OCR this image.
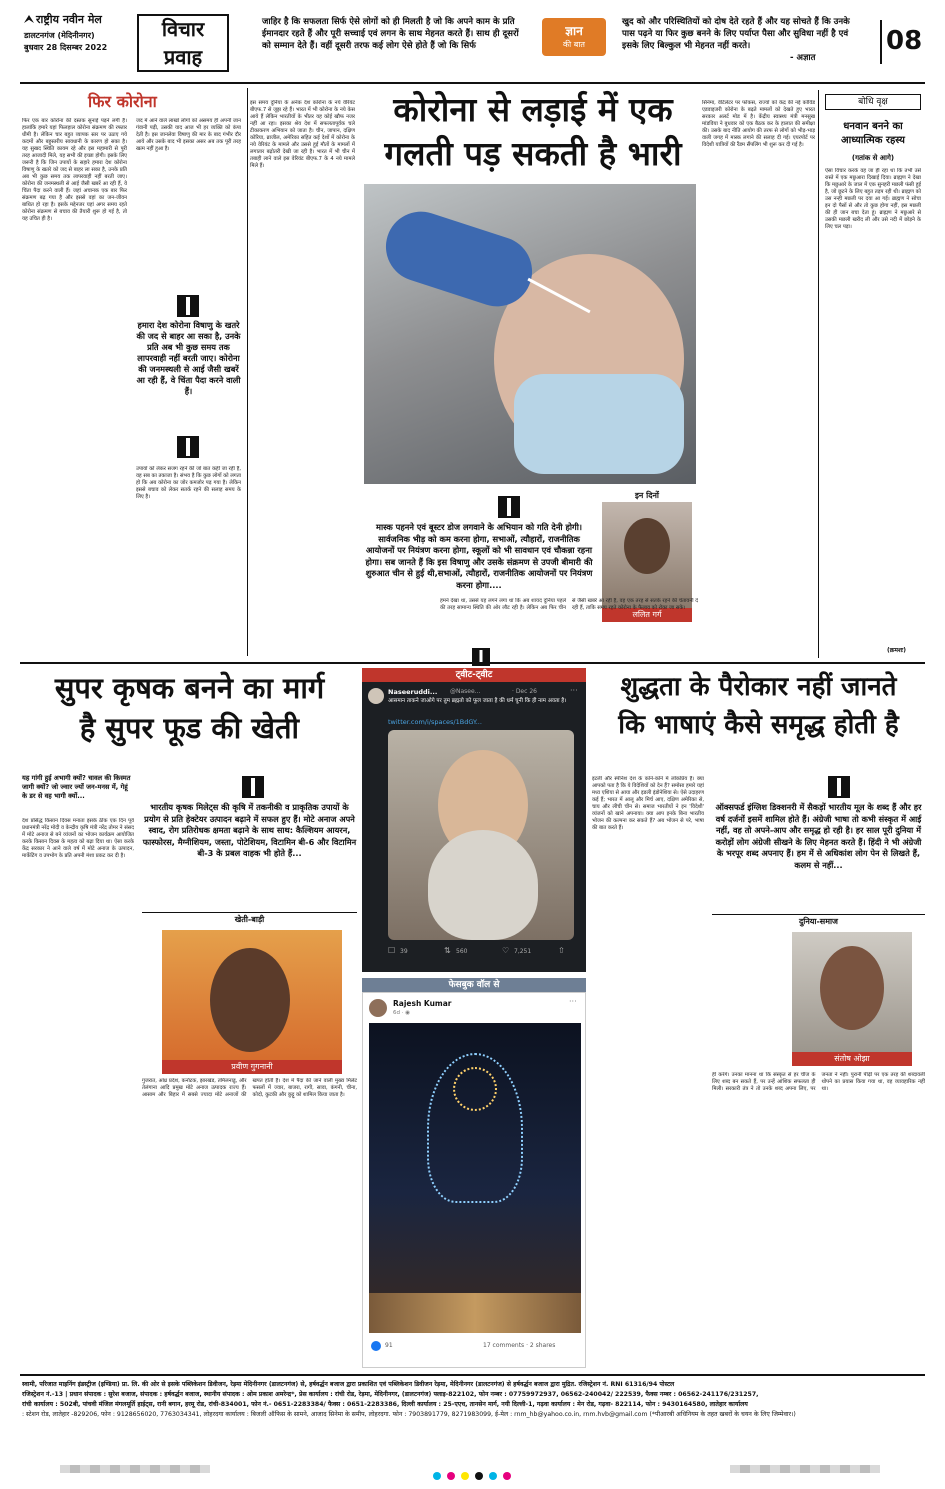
राष्ट्रीय नवीन मेल
डालटनगंज (मेदिनीनगर)
बुधवार 28 दिसम्बर 2022
विचार
प्रवाह
जाहिर है कि सफलता सिर्फ ऐसे लोगों को ही मिलती है जो कि अपने काम के प्रति ईमानदार रहते हैं और पूरी सच्चाई एवं लगन के साथ मेहनत करते हैं। साथ ही दूसरों को सम्मान देते हैं। वहीं दूसरी तरफ कई लोग ऐसे होते हैं जो कि सिर्फ
ज्ञान
की बात
खुद को और परिस्थितियों को दोष देते रहते हैं और यह सोचते हैं कि उनके पास पढ़ने या फिर कुछ बनने के लिए पर्याप्त पैसा और सुविधा नहीं है एवं इसके लिए बिल्कुल भी मेहनत नहीं करते।
- अज्ञात
08
फिर कोरोना
फिर एक बार कोरोना की दस्तक सुनाई पड़ने लगी है। हालांकि हमारे यहां फिलहाल कोरोना संक्रमण की रफ्तार धीमी है। लेकिन चार बहुत व्यापक स्तर पर उठाए गये कदमों और बहुस्तरीय सावधानी के कारण हो सका है। यह सुखद स्थिति कायम रहे और इस महामारी से पूरी तरह आजादी मिले, यह सभी की इच्छा होगी। इसके लिए जरूरी है कि जिन उपायों के सहारे हमारा देश कोरोना विषाणु के खतरे को जद से बाहर ला सका है, उनके प्रति अब भी कुछ समय तक लापरवाही नहीं बरती जाए। कोरोना की जनमस्थली से आई जैसी खबरें आ रही हैं, वे चिंता पैदा करने वाली हैं। जहां अचानक एक बार फिर संक्रमण बढ़ गया है और इससे वहां का जन-जीवन बाधित हो रहा है। इसके मद्देनजर यहां अगर समय रहते कोरोना संक्रमण से बचाव की तैयारी शुरू हो गई है, तो यह उचित ही है।
जद में आने वाले लाखों लोगों को असमय ही अपनी जान गंवानी पड़ी, उसकी याद आज भी हर व्यक्ति को कंपा देती है। इस जानलेवा विषाणु की मार के बाद गंभीर दौर आये और उसके बाद भी इसका असर अब तक पूरी तरह खत्म नहीं हुआ है।
हमारा देश कोरोना विषाणु के खतरे की जद से बाहर आ सका है, उनके प्रति अब भी कुछ समय तक लापरवाही नहीं बरती जाए। कोरोना की जनमस्थली से आई जैसी खबरें आ रही हैं, वे चिंता पैदा करने वाली हैं।
उपायों को लेकर सजग रहने की जो बात कही जा रही है, वह सब का तकाजा है। संभव है कि कुछ लोगों को लगता हो कि अब कोरोना का जोर कमजोर पड़ गया है। लेकिन इससे बचाव को लेकर सतर्क रहने की सलाह समय के लिए है।
इस समय दुनिया के अनेक देश कोरोना के नये वेरियंट बीएफ.7 से जूझ रहे हैं। भारत में भी कोरोना के नये केस आये हैं लेकिन भारतीयों के भीतर यह कोई खौफ नजर नहीं आ रहा। इसका श्रेय देश में सफलतापूर्वक चले टीकाकरण अभियान को जाता है। चीन, जापान, दक्षिण कोरिया, ब्राजील, अमेरिका सहित कई देशों में कोरोना के नये वेरियंट के मामले और उससे हुई मौतों के मामलों में लगातार बढ़ोतरी देखी जा रही है। भारत में भी चीन में तबाही लाने वाले इस वेरियंट बीएफ.7 के 4 नये मामले मिले हैं।
कोरोना से लड़ाई में एक
गलती पड़ सकती है भारी
सिनेमा, वेंटिलेटर पर फोकस, राज्यों को केंद्र की नई कोविड एडवाइजरी कोरोना के बढ़ते मामलों को देखते हुए भारत सरकार अलर्ट मोड में है। केंद्रीय स्वास्थ्य मंत्री मनसुख मांडविया ने बुधवार को एक बैठक कर के हालात की समीक्षा की। उसके बाद नीति आयोग की तरफ से लोगों को भीड़-भाड़ वाली जगह में मास्क लगाने की सलाह दी गई। एयरपोर्ट पर विदेशी यात्रियों की रैंडम सैंपलिंग भी शुरू कर दी गई है।
मास्क पहनने एवं बूस्टर डोज लगवाने के अभियान को गति देनी होगी। सार्वजनिक भीड़ को कम करना होगा, सभाओं, त्यौहारों, राजनीतिक आयोजनों पर नियंत्रण करना होगा, स्कूलों को भी सावधान एवं चौकन्ना रहना होगा। सब जानते हैं कि इस विषाणु और उसके संक्रमण से उपजी बीमारी की शुरुआत चीन से हुई थी,सभाओं, त्यौहारों, राजनीतिक आयोजनों पर नियंत्रण करना होगा....
इन दिनों
ललित गर्ग
हमने देखा था, उससे यह लगने लगा था कि अब शायद दुनिया पहले की तरह सामान्य स्थिति की ओर लौट रही है। लेकिन अब फिर चीन से जैसी खबरें आ रही हैं, वह एक तरह से सतर्क रहने की चेतावनी दे रही हैं, ताकि समय रहते कोरोना के फैलाव को रोका जा सके।
बोधि वृक्ष
धनवान बनने का
आध्यात्मिक रहस्य
(गतांक से आगे)
ऐसा विचार करके वह जा ही रहा था कि तभी उसे रास्ते में एक मछुआरा दिखाई दिया। ब्राह्मण ने देखा कि मछुआरे के जाल में एक सुनहरी मछली फंसी हुई है, जो छूटने के लिए बहुत तड़प रही थी। ब्राह्मण को उस नन्ही मछली पर दया आ गई। ब्राह्मण ने सोचा इन दो पैसों से और तो कुछ होगा नहीं, इस मछली की ही जान बचा देता हूं। ब्राह्मण ने मछुआरे से उसकी मछली खरीद ली और उसे नदी में छोड़ने के लिए चल पड़ा।
(क्रमशः)
सुपर कृषक बनने का मार्ग
है सुपर फूड की खेती
यह गांगी हुई अभागी क्यों? चावल की किस्मत जागी क्यों? जो ज्वार ज्यों जन-मनस में, गेहूं के डर से वह भागी क्यों...
देश प्रसिद्ध किसान दिवस मनाता इसके ठीक एक दिन पूर्व प्रधानमंत्री नरेंद्र मोदी व केन्द्रीय कृषि मंत्री नरेंद्र तोमर ने संसद में मोटे अनाज से बने व्यंजनों का भोजन कार्यक्रम आयोजित करके किसान दिवस के महत्व को बढ़ा दिया था। ऐसा करके केंद्र सरकार ने आने वाले वर्ष में मोटे अनाज के उत्पादन, मार्केटिंग व उपभोग के प्रति अपनी मंशा प्रकट कर दी है।
भारतीय कृषक मिलेट्स की कृषि में तकनीकी व प्राकृतिक उपायों के प्रयोग से प्रति हेक्टेयर उत्पादन बढ़ाने में सफल हुए हैं। मोटे अनाज अपने स्वाद, रोग प्रतिरोधक क्षमता बढ़ाने के साथ साथ: कैल्शियम आयरन, फास्फोरस, मैग्नीशियम, जस्ता, पोटेशियम, विटामिन बी-6 और विटामिन बी-3 के प्रबल वाहक भी होते हैं...
खेती-बाड़ी
प्रवीण गुगनानी
गुजरात, आंध्र प्रदेश, कर्नाटक, झारखंड, तमिलनाडु, और तेलंगाना आदि प्रमुख मोटे अनाज उत्पादक राज्य हैं। आसाम और बिहार में सबसे ज्यादा मोटे अनाजों की खपत होती है। देश में पैदा की जाने वाली मुख्य मिलेट फसलों में ज्वार, बाजरा, रागी, सावा, कंगनी, चीना, कोदो, कुटकी और कुट्टू को शामिल किया जाता है।
ट्वीट-ट्वीट
Naseeruddi... @Nasee...	· Dec 26	···
आसमान ताकने जाओगे पर तुम ब्रह्मतो को फूल जाता है की धर्म चुनी कि ही नाम अवता है।
twitter.com/i/spaces/1BdGY...
☐ 39	⇅ 560	♡ 7,251	⇧
फेसबुक वॉल से
Rajesh Kumar
6d · ◉
···
91	17 comments · 2 shares
शुद्धता के पैरोकार नहीं जानते
कि भाषाएं कैसे समृद्ध होती है
इटली और स्पेनिश देश के कोने-कोने में लोकप्रिय हैं। क्या आपको पता है कि ये विदेशियों को देन हैं? समोसा हमारे यहां मध्य एशिया से आया और इडली इंडोनेशिया से। ऐसे उदाहरण कई हैं; भारत में आलू और मिर्च आए, दक्षिण अमेरिका से, चाय और लीची चीन से। समाज भारतीयों ने इन 'विदेशी' व्यंजनों को खाने अपनाया। क्या आप इनके बिना भारतीय भोजन की कल्पना कर सकते हैं? अब भोजन से परे, भाषा की बात करते हैं।
ऑक्सफर्ड इंग्लिश डिक्शनरी में सैकड़ों भारतीय मूल के शब्द हैं और हर वर्ष दर्जनों इसमें शामिल होते हैं। अंग्रेजी भाषा तो कभी संस्कृत में आई नहीं, वह तो अपने-आप और समृद्ध हो रही है। हर साल पूरी दुनिया में करोड़ों लोग अंग्रेजी सीखने के लिए मेहनत करते हैं। हिंदी ने भी अंग्रेजी के भरपूर शब्द अपनाए हैं। हम में से अधिकांश लोग पेन से लिखते हैं, कलम से नहीं...
दुनिया-समाज
संतोष ओझा
ही करेंगे। उनका मानना था कि संस्कृत से हर चीज के लिए शब्द बन सकते हैं, पर उन्हें आंशिक सफलता ही मिली। सरकारी तंत्र ने तो उनके शब्द अपना लिए, पर जनता ने नहीं। पुरानी पीढ़ी पर एक तरह की शब्दावली थोपने का प्रयास किया गया था, वह व्यावहारिक नहीं था।
स्वामी, परिजात माइनिंग इंडस्ट्रीज (इण्डिया) प्रा. लि. की ओर से इसके पब्लिकेशन डिवीजन, रेड़मा मेदिनीनगर (डालटनगंज) से, हर्षवर्द्धन बजाज द्वारा प्रकाशित एवं पब्लिकेशन डिवीजन रेड़मा, मेदिनीनगर (डालटनगंज) से हर्षवर्द्धन बजाज द्वारा मुद्रित. रजिस्ट्रेशन नं. RNI 61316/94 पोस्टल
रजिस्ट्रेशन नं.-13 | प्रधान संपादक : सुरेश बजाज, संपादक : हर्षवर्द्धन बजाज, स्थानीय संपादक : ओम प्रकाश अमरेन्द्र*, प्रेस कार्यालय : रांची रोड, रेड़मा, मेदिनीनगर, (डालटनगंज) फ्लाइ-822102, फोन नम्बर : 07759972937, 06562-240042/ 222539, फैक्स नम्बर : 06562-241176/231257,
रांची कार्यालय : 502बी, पांचवी मंजिल मंगलमूर्ति हाईट्स, रानी बगान, हरमू रोड, रांची-834001, फोन नं.- 0651-2283384/ फैक्स : 0651-2283386, दिल्ली कार्यालय : 25-एएच, तानसेन मार्ग, नयी दिल्ली-1, गढ़वा कार्यालय : मेन रोड, गढ़वा- 822114, फोन : 9430164580, लातेहार कार्यालय
: स्टेशन रोड, लातेहार -829206, फोन : 9128656020, 7763034341, लोहरदगा कार्यालय : बिजली ऑफिस के सामने, आजाद सिनेमा के समीप, लोहरदगा. फोन : 7903891779, 8271983099, ई-मेल : rnm_hb@yahoo.co.in, rnm.hvb@gmail.com (*पीआरबी अधिनियम के तहत खबरों के चयन के लिए जिम्मेवार।)
